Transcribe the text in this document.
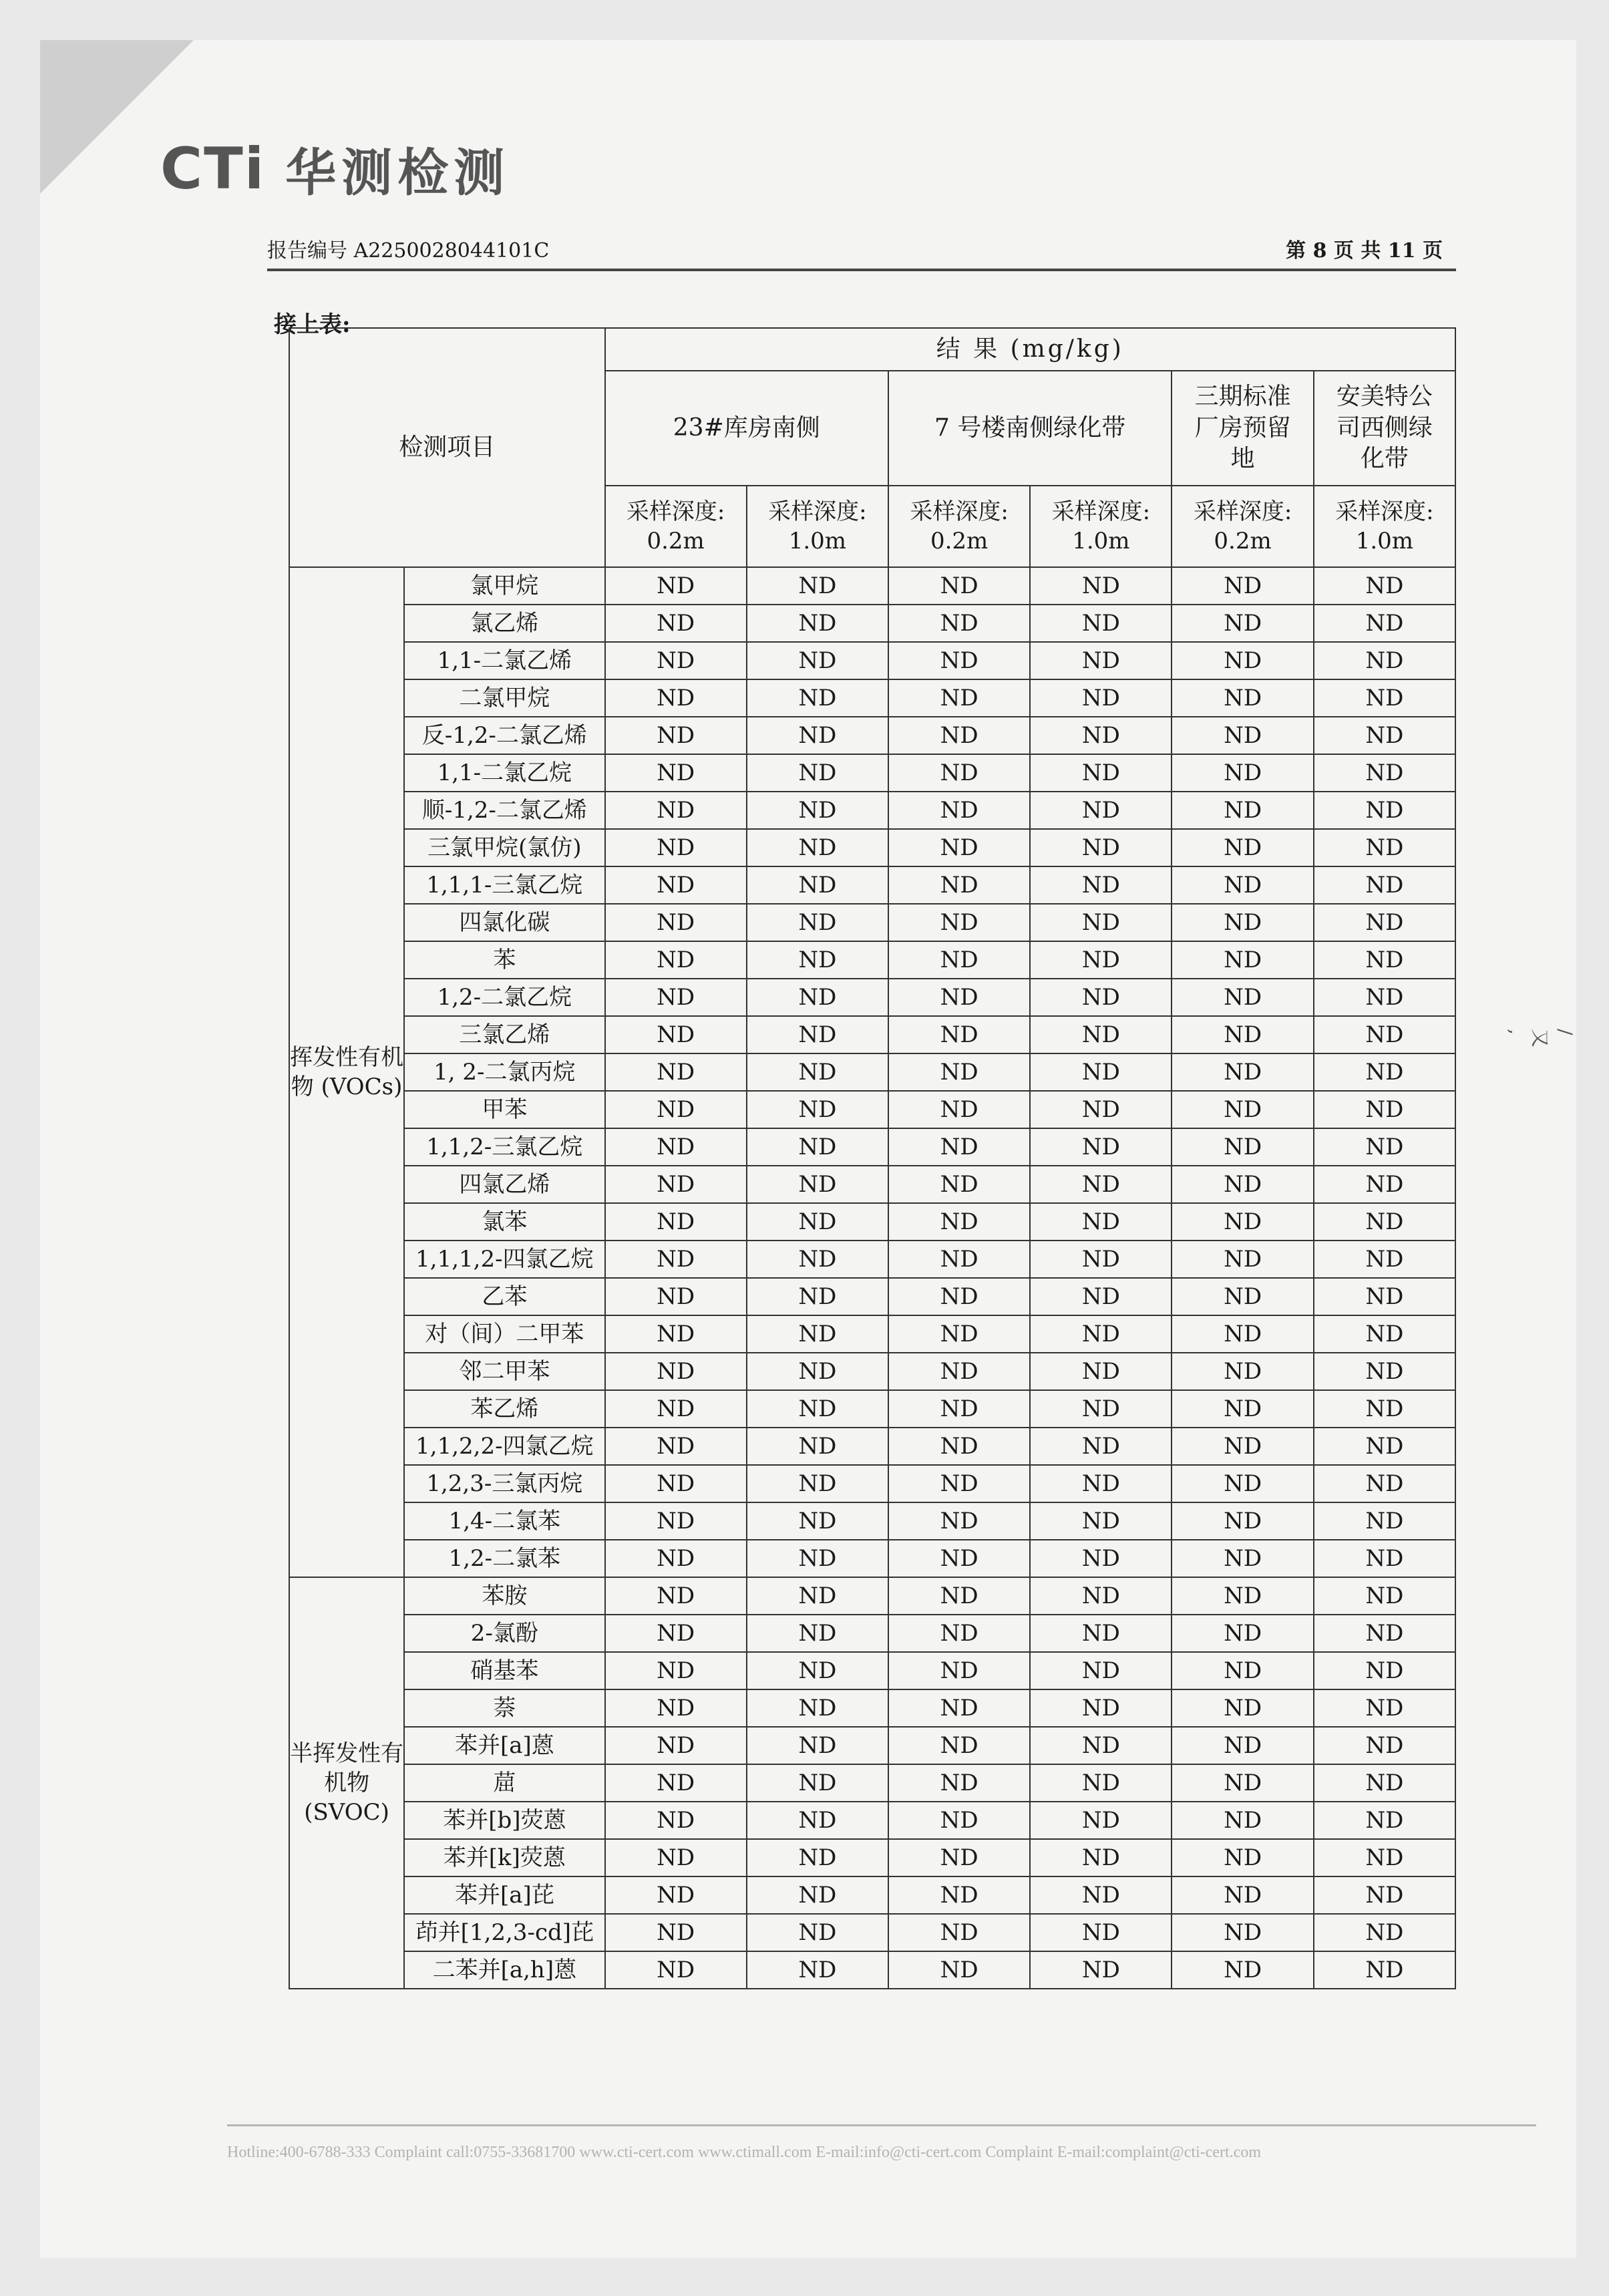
CTi 华测检测
报告编号 A2250028044101C	第 8 页 共 11 页
接上表:
检测项目		结 果 (mg/kg)					
		23#库房南侧		7 号楼南侧绿化带		三期标准厂房预留地	安美特公司西侧绿化带
		采样深度: 0.2m	采样深度: 1.0m	采样深度: 0.2m	采样深度: 1.0m	采样深度: 0.2m	采样深度: 1.0m
挥发性有机物 (VOCs)	氯甲烷	ND	ND	ND	ND	ND	ND
	氯乙烯	ND	ND	ND	ND	ND	ND
	1,1-二氯乙烯	ND	ND	ND	ND	ND	ND
	二氯甲烷	ND	ND	ND	ND	ND	ND
	反-1,2-二氯乙烯	ND	ND	ND	ND	ND	ND
	1,1-二氯乙烷	ND	ND	ND	ND	ND	ND
	顺-1,2-二氯乙烯	ND	ND	ND	ND	ND	ND
	三氯甲烷(氯仿)	ND	ND	ND	ND	ND	ND
	1,1,1-三氯乙烷	ND	ND	ND	ND	ND	ND
	四氯化碳	ND	ND	ND	ND	ND	ND
	苯	ND	ND	ND	ND	ND	ND
	1,2-二氯乙烷	ND	ND	ND	ND	ND	ND
	三氯乙烯	ND	ND	ND	ND	ND	ND
	1, 2-二氯丙烷	ND	ND	ND	ND	ND	ND
	甲苯	ND	ND	ND	ND	ND	ND
	1,1,2-三氯乙烷	ND	ND	ND	ND	ND	ND
	四氯乙烯	ND	ND	ND	ND	ND	ND
	氯苯	ND	ND	ND	ND	ND	ND
	1,1,1,2-四氯乙烷	ND	ND	ND	ND	ND	ND
	乙苯	ND	ND	ND	ND	ND	ND
	对（间）二甲苯	ND	ND	ND	ND	ND	ND
	邻二甲苯	ND	ND	ND	ND	ND	ND
	苯乙烯	ND	ND	ND	ND	ND	ND
	1,1,2,2-四氯乙烷	ND	ND	ND	ND	ND	ND
	1,2,3-三氯丙烷	ND	ND	ND	ND	ND	ND
	1,4-二氯苯	ND	ND	ND	ND	ND	ND
	1,2-二氯苯	ND	ND	ND	ND	ND	ND
半挥发性有机物 (SVOC)	苯胺	ND	ND	ND	ND	ND	ND
	2-氯酚	ND	ND	ND	ND	ND	ND
	硝基苯	ND	ND	ND	ND	ND	ND
	萘	ND	ND	ND	ND	ND	ND
	苯并[a]蒽	ND	ND	ND	ND	ND	ND
	䓛	ND	ND	ND	ND	ND	ND
	苯并[b]荧蒽	ND	ND	ND	ND	ND	ND
	苯并[k]荧蒽	ND	ND	ND	ND	ND	ND
	苯并[a]芘	ND	ND	ND	ND	ND	ND
	茚并[1,2,3-cd]芘	ND	ND	ND	ND	ND	ND
	二苯并[a,h]蒽	ND	ND	ND	ND	ND	ND
/ 又 ,
Hotline:400-6788-333 Complaint call:0755-33681700 www.cti-cert.com www.ctimall.com E-mail:info@cti-cert.com Complaint E-mail:complaint@cti-cert.com
